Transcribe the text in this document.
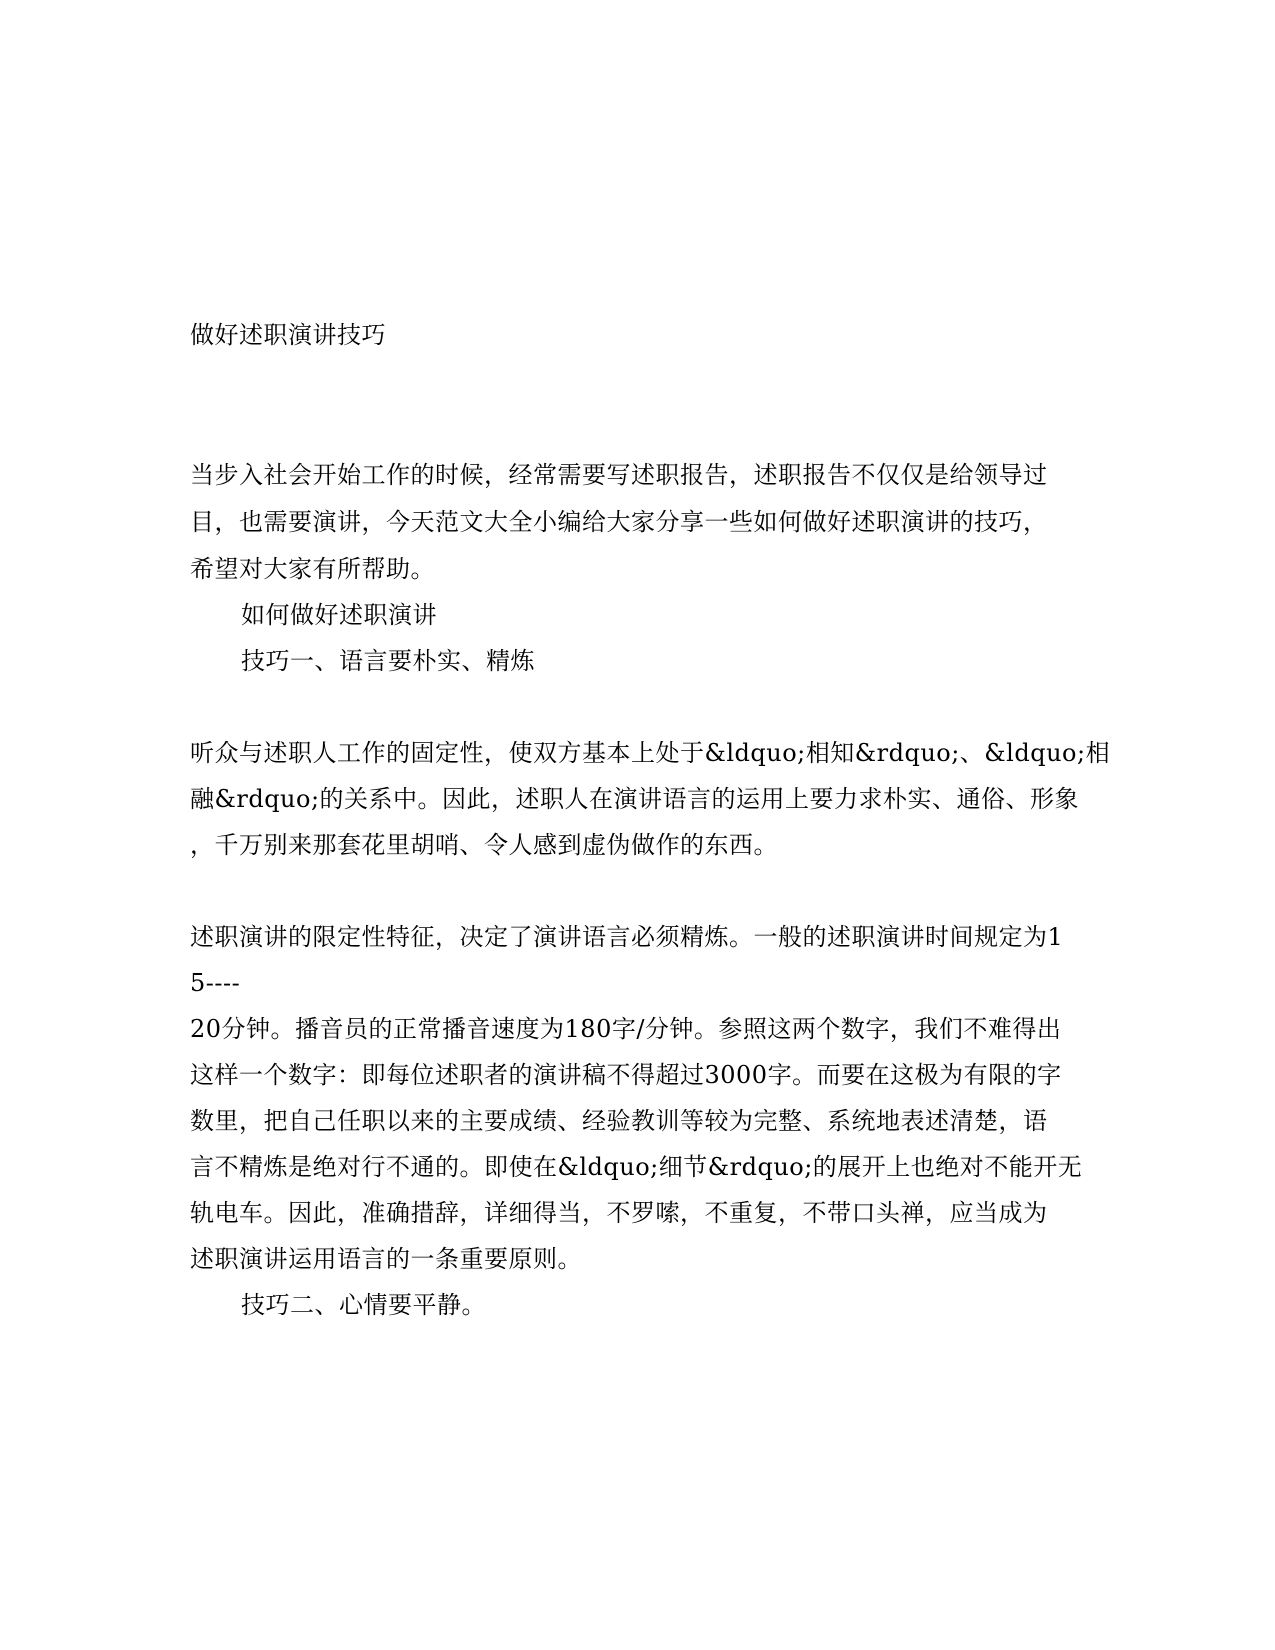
做好述职演讲技巧
当步入社会开始工作的时候，经常需要写述职报告，述职报告不仅仅是给领导过
目，也需要演讲，今天范文大全小编给大家分享一些如何做好述职演讲的技巧，
希望对大家有所帮助。
如何做好述职演讲
技巧一、语言要朴实、精炼
听众与述职人工作的固定性，使双方基本上处于&ldquo;相知&rdquo;、&ldquo;相
融&rdquo;的关系中。因此，述职人在演讲语言的运用上要力求朴实、通俗、形象
，千万别来那套花里胡哨、令人感到虚伪做作的东西。
述职演讲的限定性特征，决定了演讲语言必须精炼。一般的述职演讲时间规定为1
5----
20分钟。播音员的正常播音速度为180字/分钟。参照这两个数字，我们不难得出
这样一个数字：即每位述职者的演讲稿不得超过3000字。而要在这极为有限的字
数里，把自己任职以来的主要成绩、经验教训等较为完整、系统地表述清楚，语
言不精炼是绝对行不通的。即使在&ldquo;细节&rdquo;的展开上也绝对不能开无
轨电车。因此，准确措辞，详细得当，不罗嗦，不重复，不带口头禅，应当成为
述职演讲运用语言的一条重要原则。
技巧二、心情要平静。
